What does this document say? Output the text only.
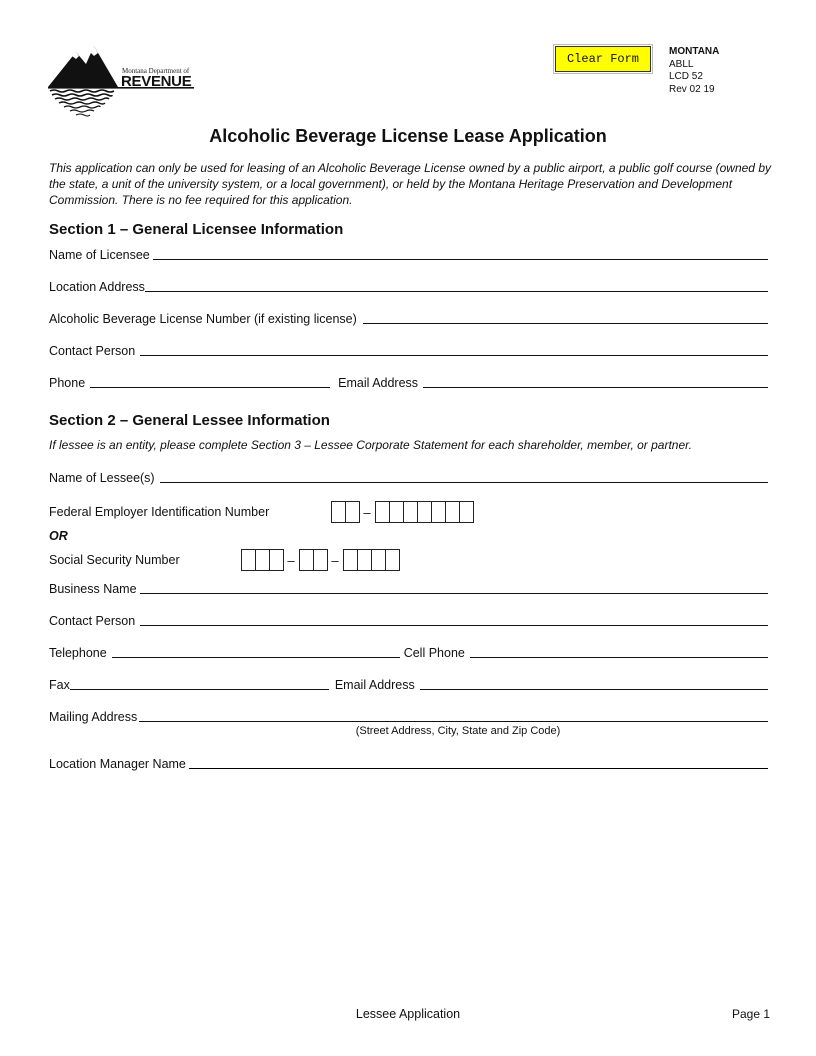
Montana Department of
REVENUE
Clear Form
MONTANA
ABLL
LCD 52
Rev 02 19
Alcoholic Beverage License Lease Application
This application can only be used for leasing of an Alcoholic Beverage License owned by a public airport, a public golf course (owned by the state, a unit of the university system, or a local government), or held by the Montana Heritage Preservation and Development Commission. There is no fee required for this application.
Section 1 – General Licensee Information
Name of Licensee
Location Address
Alcoholic Beverage License Number (if existing license)
Contact Person
Phone	Email Address
Section 2 – General Lessee Information
If lessee is an entity, please complete Section 3 – Lessee Corporate Statement for each shareholder, member, or partner.
Name of Lessee(s)
Federal Employer Identification Number	–
OR
Social Security Number	–	–
Business Name
Contact Person
Telephone	Cell Phone
Fax	Email Address
Mailing Address
(Street Address, City, State and Zip Code)
Location Manager Name
Lessee Application	Page 1
